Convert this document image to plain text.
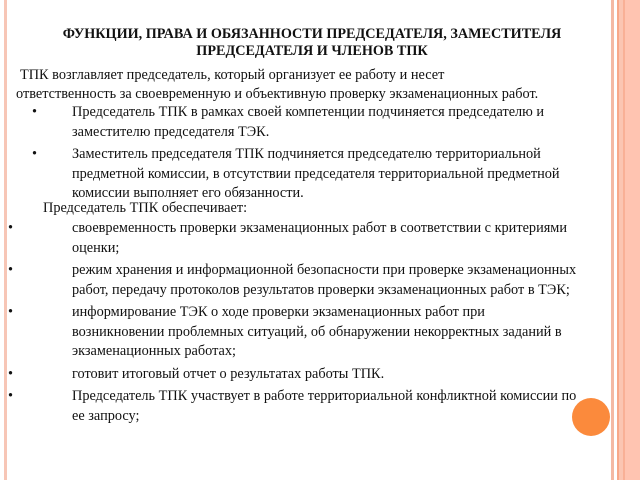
ФУНКЦИИ, ПРАВА И ОБЯЗАННОСТИ ПРЕДСЕДАТЕЛЯ, ЗАМЕСТИТЕЛЯ
ПРЕДСЕДАТЕЛЯ И ЧЛЕНОВ ТПК

ТПК возглавляет председатель, который организует ее работу и несет

ответственность за своевременную и объективную проверку экзаменационных работ.

• Председатель ТПК в рамках своей компетенции подчиняется председателю и заместителю председателя ТЭК.
• Заместитель председателя ТПК подчиняется председателю территориальной предметной комиссии, в отсутствии председателя территориальной предметной комиссии выполняет его обязанности.
Председатель ТПК обеспечивает:
•	своевременность проверки экзаменационных работ в соответствии с критериями оценки;
•	режим хранения и информационной безопасности при проверке экзаменационных работ, передачу протоколов результатов проверки экзаменационных работ в ТЭК;
•	информирование ТЭК о ходе проверки экзаменационных работ при возникновении проблемных ситуаций, об обнаружении некорректных заданий в экзаменационных работах;
•	готовит итоговый отчет о результатах работы ТПК.
•	Председатель ТПК участвует в работе территориальной конфликтной комиссии по ее запросу;
